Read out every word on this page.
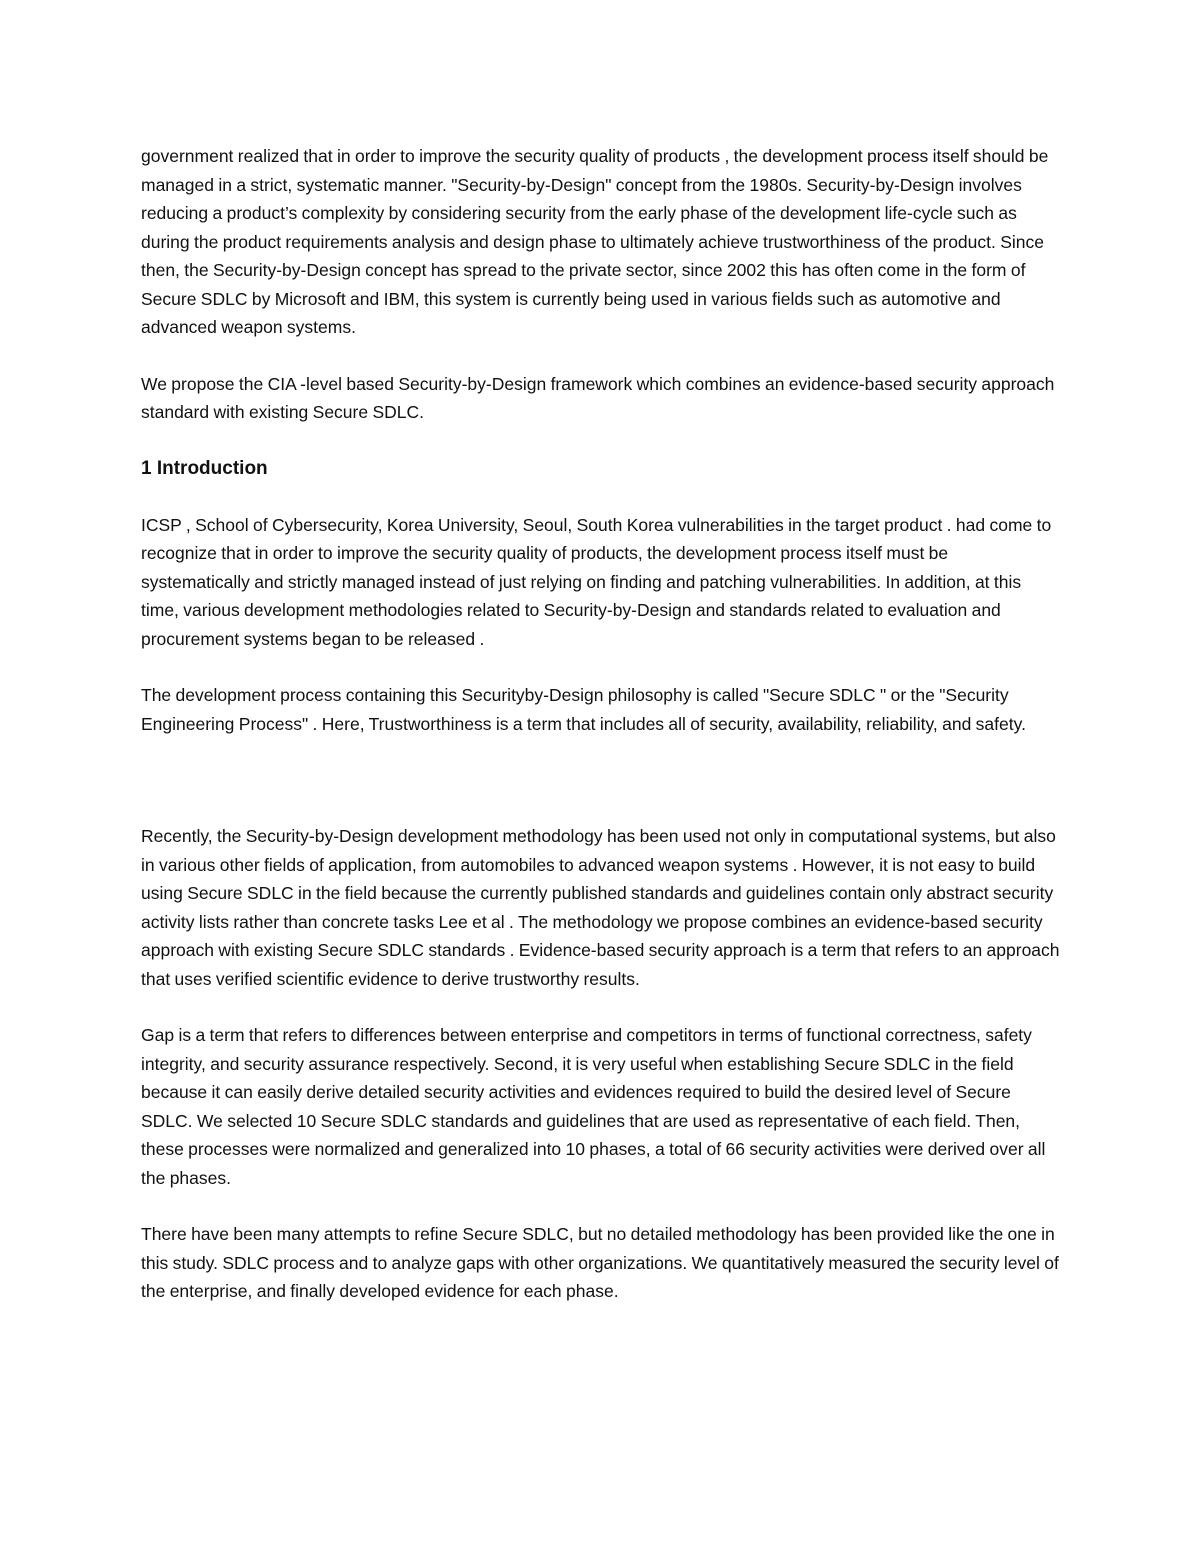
government realized that in order to improve the security quality of products , the development process itself should be managed in a strict, systematic manner. "Security-by-Design" concept from the 1980s. Security-by-Design involves reducing a product’s complexity by considering security from the early phase of the development life-cycle such as during the product requirements analysis and design phase to ultimately achieve trustworthiness of the product. Since then, the Security-by-Design concept has spread to the private sector, since 2002 this has often come in the form of Secure SDLC by Microsoft and IBM, this system is currently being used in various fields such as automotive and advanced weapon systems.

We propose the CIA -level based Security-by-Design framework which combines an evidence-based security approach standard with existing Secure SDLC.

1 Introduction

ICSP , School of Cybersecurity, Korea University, Seoul, South Korea vulnerabilities in the target product . had come to recognize that in order to improve the security quality of products, the development process itself must be systematically and strictly managed instead of just relying on finding and patching vulnerabilities. In addition, at this time, various development methodologies related to Security-by-Design and standards related to evaluation and procurement systems began to be released .

The development process containing this Securityby-Design philosophy is called "Secure SDLC " or the "Security Engineering Process" . Here, Trustworthiness is a term that includes all of security, availability, reliability, and safety.

Recently, the Security-by-Design development methodology has been used not only in computational systems, but also in various other fields of application, from automobiles to advanced weapon systems . However, it is not easy to build using Secure SDLC in the field because the currently published standards and guidelines contain only abstract security activity lists rather than concrete tasks Lee et al . The methodology we propose combines an evidence-based security approach with existing Secure SDLC standards . Evidence-based security approach is a term that refers to an approach that uses verified scientific evidence to derive trustworthy results.

Gap is a term that refers to differences between enterprise and competitors in terms of functional correctness, safety integrity, and security assurance respectively. Second, it is very useful when establishing Secure SDLC in the field because it can easily derive detailed security activities and evidences required to build the desired level of Secure SDLC. We selected 10 Secure SDLC standards and guidelines that are used as representative of each field. Then, these processes were normalized and generalized into 10 phases, a total of 66 security activities were derived over all the phases.

There have been many attempts to refine Secure SDLC, but no detailed methodology has been provided like the one in this study. SDLC process and to analyze gaps with other organizations. We quantitatively measured the security level of the enterprise, and finally developed evidence for each phase.
